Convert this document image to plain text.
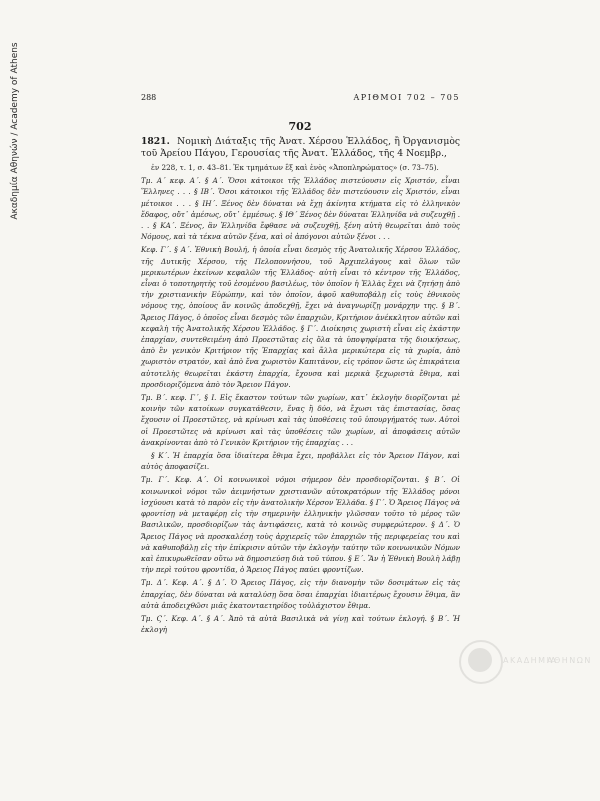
Ακαδημία Αθηνών / Academy of Athens	288	ΑΡΙΘΜΟΙ 702 – 705
702

1821. Νομικὴ Διάταξις τῆς Ἀνατ. Χέρσου Ἑλλάδος, ἢ Ὀργανισμὸς τοῦ Ἀρείου Πάγου, Γερουσίας τῆς Ἀνατ. Ἑλλάδος, τῆς 4 Νοεμβρ.,

ἐν 228, τ. 1, σ. 43–81. Ἐκ τμημάτων ἓξ καὶ ἑνὸς «Ἀποπληρώματος» (σ. 73–75).

Τμ. Α΄ κεφ. Α΄. § Α΄. Ὅσοι κάτοικοι τῆς Ἑλλάδος πιστεύουσιν εἰς Χριστόν, εἶναι Ἕλληνες . . . § ΙΒ΄. Ὅσοι κάτοικοι τῆς Ἑλλάδος δὲν πιστεύουσιν εἰς Χριστόν, εἶναι μέτοικοι . . . § ΙΗ΄. Ξένος δὲν δύναται νὰ ἔχῃ ἀκίνητα κτήματα εἰς τὸ ἑλληνικὸν ἔδαφος, οὔτ᾿ ἀμέσως, οὔτ᾿ ἐμμέσως. § ΙΘ΄ Ξένος δὲν δύναται Ἑλληνίδα νὰ συζευχθῇ . . . § ΚΑ΄. Ξένος, ἂν Ἑλληνίδα ἔφθασε νὰ συζευχθῇ, ξένη αὐτὴ θεωρεῖται ἀπὸ τοὺς Νόμους, καὶ τὰ τέκνα αὐτῶν ξένα, καὶ οἱ ἀπόγονοι αὐτῶν ξένοι . . .

Κεφ. Γ΄. § Α΄. Ἐθνικὴ Βουλή, ἡ ὁποία εἶναι δεσμὸς τῆς Ἀνατολικῆς Χέρσου Ἑλλάδος, τῆς Δυτικῆς Χέρσου, τῆς Πελοποννήσου, τοῦ Ἀρχιπελάγους καὶ ὅλων τῶν μερικωτέρων ἐκείνων κεφαλῶν τῆς Ἑλλάδος· αὐτὴ εἶναι τὸ κέντρον τῆς Ἑλλάδος, εἶναι ὁ τοποτηρητὴς τοῦ ἐσομένου βασιλέως, τὸν ὁποῖον ἡ Ἑλλὰς ἔχει νὰ ζητήσῃ ἀπὸ τὴν χριστιανικὴν Εὐρώπην, καὶ τὸν ὁποῖον, ἀφοῦ καθυποβάλῃ εἰς τοὺς ἐθνικοὺς νόμους της, ὁποίους ἄν κοινῶς ἀποδεχθῇ, ἔχει νὰ ἀναγνωρίζῃ μονάρχην της. § Β΄. Ἄρειος Πάγος, ὁ ὁποῖος εἶναι δεσμὸς τῶν ἐπαρχιῶν, Κριτήριον ἀνέκκλητον αὐτῶν καὶ κεφαλὴ τῆς Ἀνατολικῆς Χέρσου Ἑλλάδος. § Γ΄. Διοίκησις χωριστὴ εἶναι εἰς ἑκάστην ἐπαρχίαν, συντεθειμένη ἀπὸ Προεστῶτας εἰς ὅλα τὰ ὑποψηφίματα τῆς διοικήσεως, ἀπὸ ἓν γενικὸν Κριτήριον τῆς Ἐπαρχίας καὶ ἄλλα μερικώτερα εἰς τὰ χωρία, ἀπὸ χωριστὸν στρατόν, καὶ ἀπὸ ἕνα χωριστὸν Καπιτάνον, εἰς τρόπον ὥστε ὡς ἐπικράτεια αὐτοτελὴς θεωρεῖται ἑκάστη ἐπαρχία, ἔχουσα καὶ μερικὰ ξεχωριστὰ ἔθιμα, καὶ προσδιοριζόμενα ἀπὸ τὸν Ἄρειον Πάγον.

Τμ. Β΄. κεφ. Γ΄, § Ι. Εἰς ἕκαστον τούτων τῶν χωρίων, κατ᾿ ἐκλογὴν διορίζονται μὲ κοινὴν τῶν κατοίκων συγκατάθεσιν, ἕνας ἢ δύο, νὰ ἔχωσι τὰς ἐπιστασίας, ὅσας ἔχουσιν οἱ Προεστῶτες, νὰ κρίνωσι καὶ τὰς ὑποθέσεις τοῦ ὑπουργήματός των. Αὐτοὶ οἱ Προεστῶτες νὰ κρίνωσι καὶ τὰς ὑποθέσεις τῶν χωρίων, αἱ ἀποφάσεις αὐτῶν ἀνακρίνονται ἀπὸ τὸ Γενικὸν Κριτήριον τῆς ἐπαρχίας . . .

§ Κ΄. Ἡ ἐπαρχία ὅσα ἰδιαίτερα ἔθιμα ἔχει, προβάλλει εἰς τὸν Ἄρειον Πάγον, καὶ αὐτὸς ἀποφασίζει.

Τμ. Γ΄. Κεφ. Α΄. Οἱ κοινωνικοὶ νόμοι σήμερον δὲν προσδιορίζονται. § Β΄. Οἱ κοινωνικοὶ νόμοι τῶν ἀειμνήστων χριστιανῶν αὐτοκρατόρων τῆς Ἑλλάδος μόνοι ἰσχύουσι κατὰ τὸ παρὸν εἰς τὴν ἀνατολικὴν Χέρσον Ἑλλάδα. § Γ΄. Ὁ Ἄρειος Πάγος νὰ φροντίσῃ νὰ μεταφέρῃ εἰς τὴν σημερινὴν ἑλληνικὴν γλῶσσαν τοῦτο τὸ μέρος τῶν Βασιλικῶν, προσδιορίζων τὰς ἀντιφάσεις, κατὰ τὸ κοινῶς συμφερώτερον. § Δ΄. Ὁ Ἄρειος Πάγος νὰ προσκαλέσῃ τοὺς ἀρχιερεῖς τῶν ἐπαρχιῶν τῆς περιφερείας του καὶ νὰ καθυποβάλῃ εἰς τὴν ἐπίκρισιν αὐτῶν τὴν ἐκλογὴν ταύτην τῶν κοινωνικῶν Νόμων καὶ ἐπικυρωθεῖσαν οὕτω νὰ δημοσιεύσῃ διὰ τοῦ τύπου. § Ε΄. Ἂν ἡ Ἐθνικὴ Βουλὴ λάβῃ τὴν περὶ τούτου φροντίδα, ὁ Ἄρειος Πάγος παύει φροντίζων.

Τμ. Δ΄. Κεφ. Α΄. § Δ΄. Ὁ Ἄρειος Πάγος, εἰς τὴν διανομὴν τῶν δοσιμάτων εἰς τὰς ἐπαρχίας, δὲν δύναται νὰ καταλύσῃ ὅσα ὅσαι ἐπαρχίαι ἰδιαιτέρως ἔχουσιν ἔθιμα, ἂν αὐτὰ ἀποδειχθῶσι μιᾶς ἑκατονταετηρίδος τοὐλάχιστον ἔθιμα.

Τμ. Ϛ΄. Κεφ. Α΄. § Α΄. Ἀπὸ τὰ αὐτὰ Βασιλικὰ νὰ γίνῃ καὶ τούτων ἐκλογή. § Β΄. Ἡ ἐκλογὴ

ΑΚΑΔΗΜΙΑ
ΑΘΗΝΩΝ
